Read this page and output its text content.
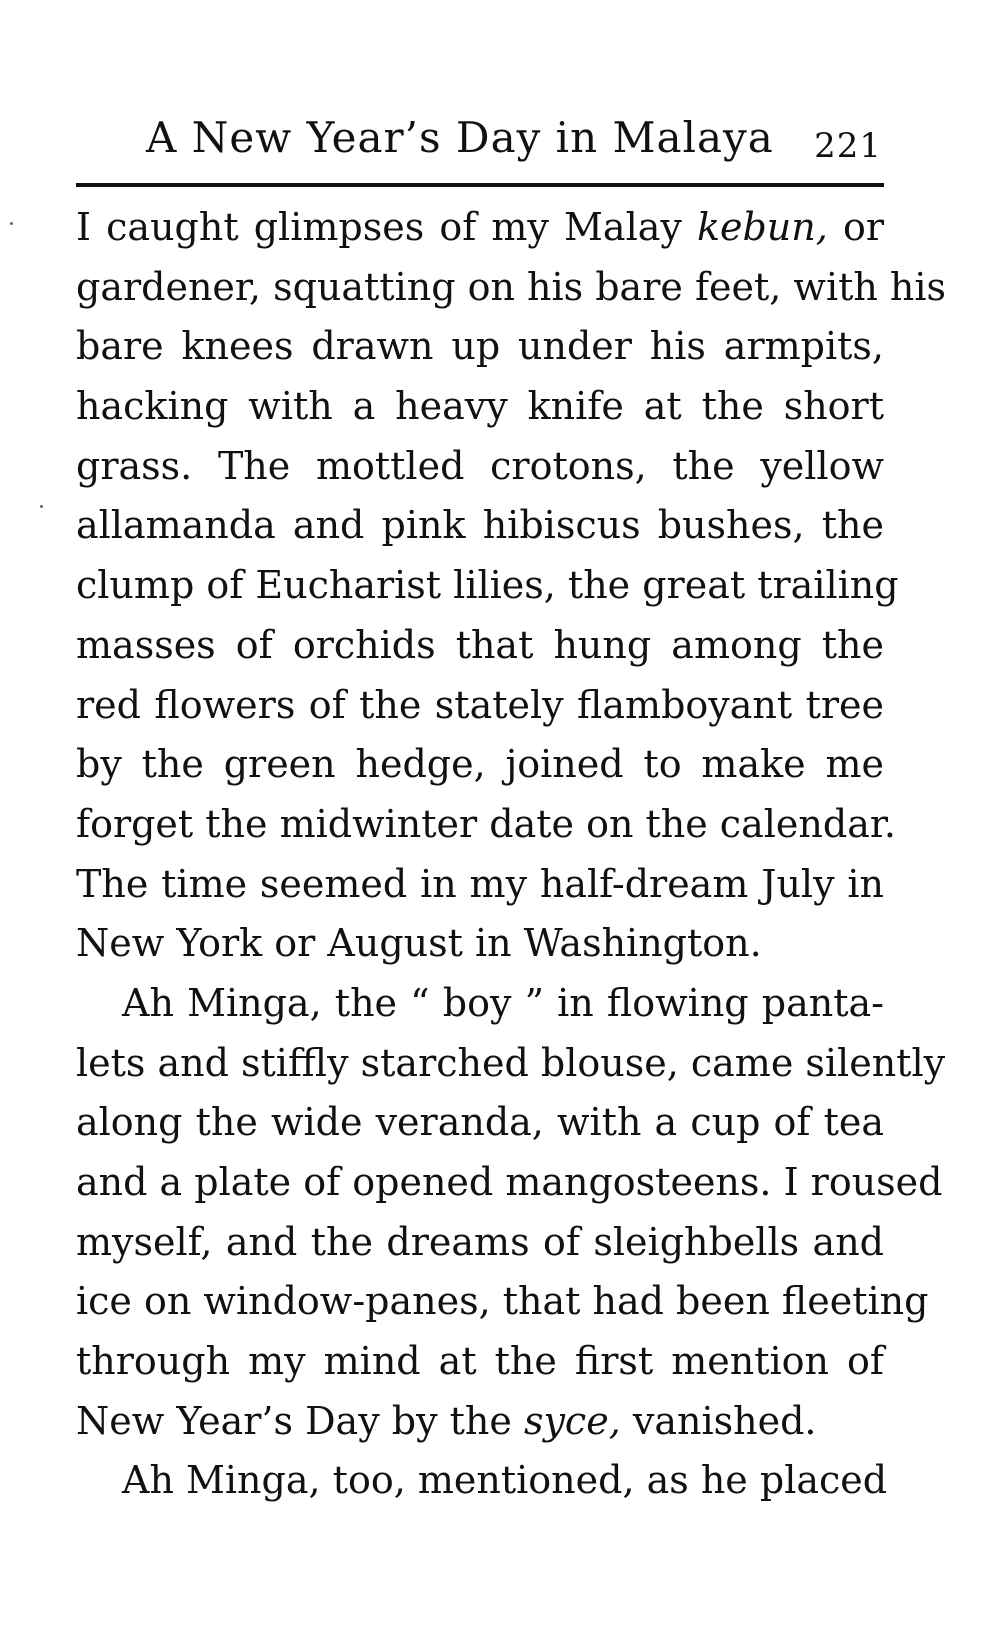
A New Year’s Day in Malaya 221
I caught glimpses of my Malay kebun, or
gardener, squatting on his bare feet, with his
bare knees drawn up under his armpits,
hacking with a heavy knife at the short
grass. The mottled crotons, the yellow
allamanda and pink hibiscus bushes, the
clump of Eucharist lilies, the great trailing
masses of orchids that hung among the
red flowers of the stately flamboyant tree
by the green hedge, joined to make me
forget the midwinter date on the calendar.
The time seemed in my half-dream July in
New York or August in Washington.
Ah Minga, the “ boy ” in flowing panta-
lets and stiffly starched blouse, came silently
along the wide veranda, with a cup of tea
and a plate of opened mangosteens. I roused
myself, and the dreams of sleighbells and
ice on window-panes, that had been fleeting
through my mind at the first mention of
New Year’s Day by the syce, vanished.
Ah Minga, too, mentioned, as he placed
